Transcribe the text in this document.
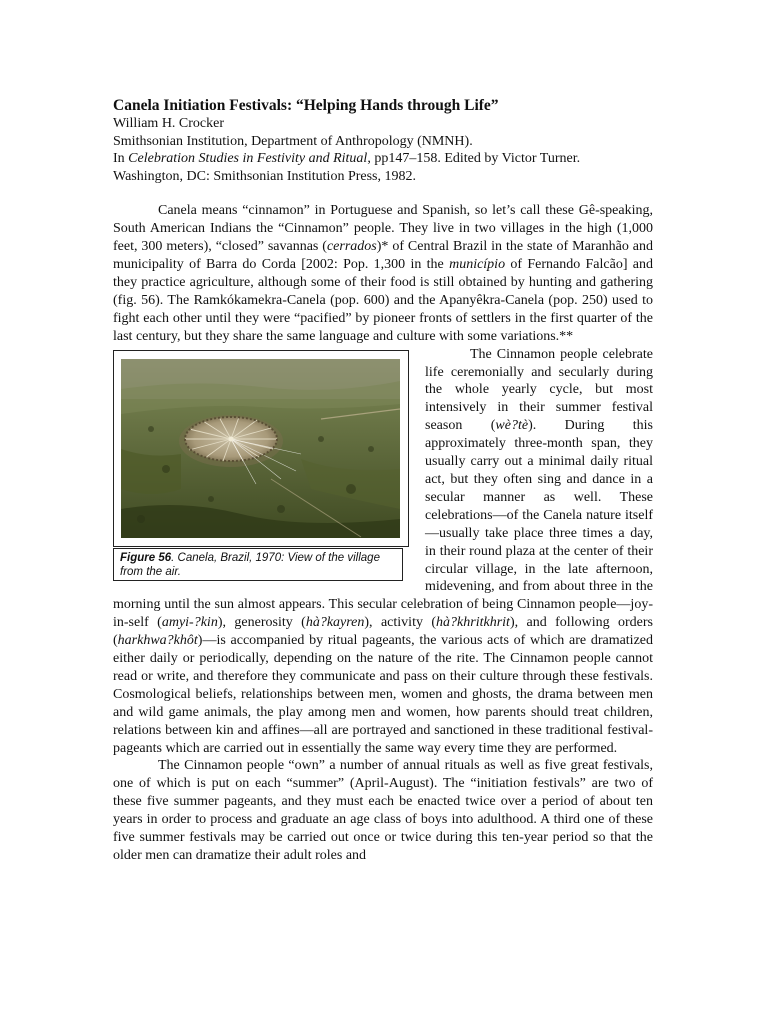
Canela Initiation Festivals: “Helping Hands through Life”

William H. Crocker

Smithsonian Institution, Department of Anthropology (NMNH).

In Celebration Studies in Festivity and Ritual, pp147–158. Edited by Victor Turner.

Washington, DC: Smithsonian Institution Press, 1982.

Canela means “cinnamon” in Portuguese and Spanish, so let’s call these Gê-speaking, South American Indians the “Cinnamon” people. They live in two villages in the high (1,000 feet, 300 meters), “closed” savannas (cerrados)* of Central Brazil in the state of Maranhão and municipality of Barra do Corda [2002: Pop. 1,300 in the município of Fernando Falcão] and they practice agriculture, although some of their food is still obtained by hunting and gathering (fig. 56). The Ramkókamekra-Canela (pop. 600) and the Apanyêkra-Canela (pop. 250) used to fight each other until they were “pacified” by pioneer fronts of settlers in the first quarter of the last century, but they share the same language and culture with some variations.**

Figure 56. Canela, Brazil, 1970: View of the village from the air.

The Cinnamon people celebrate life ceremonially and secularly during the whole yearly cycle, but most intensively in their summer festival season (wè?tè). During this approximately three-month span, they usually carry out a minimal daily ritual act, but they often sing and dance in a secular manner as well. These celebrations—of the Canela nature itself—usually take place three times a day, in their round plaza at the center of their circular village, in the late afternoon, midevening, and from about three in the morning until the sun almost appears. This secular celebration of being Cinnamon people—joy-in-self (amyi-?kin), generosity (hà?kayren), activity (hà?khritkhrit), and following orders (harkhwa?khôt)—is accompanied by ritual pageants, the various acts of which are dramatized either daily or periodically, depending on the nature of the rite. The Cinnamon people cannot read or write, and therefore they communicate and pass on their culture through these festivals. Cosmological beliefs, relationships between men, women and ghosts, the drama between men and wild game animals, the play among men and women, how parents should treat children, relations between kin and affines—all are portrayed and sanctioned in these traditional festival-pageants which are carried out in essentially the same way every time they are performed.

The Cinnamon people “own” a number of annual rituals as well as five great festivals, one of which is put on each “summer” (April-August). The “initiation festivals” are two of these five summer pageants, and they must each be enacted twice over a period of about ten years in order to process and graduate an age class of boys into adulthood. A third one of these five summer festivals may be carried out once or twice during this ten-year period so that the older men can dramatize their adult roles and
